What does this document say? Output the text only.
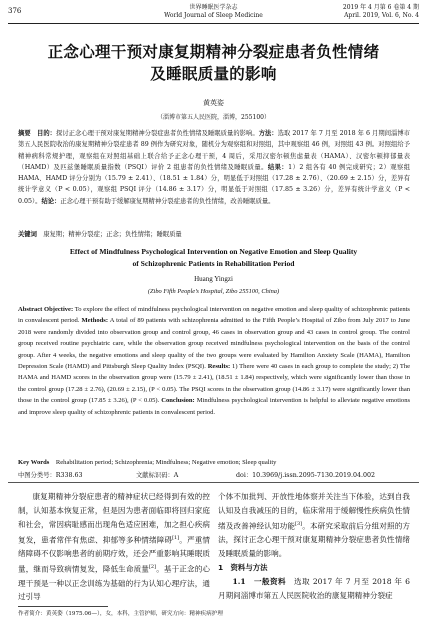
376	世界睡眠医学杂志
World Journal of Sleep Medicine
2019 年 4 月第 6 卷第 4 期
April. 2019, Vol. 6, No. 4
正念心理干预对康复期精神分裂症患者负性情绪
及睡眠质量的影响
黄英姿
（淄博市第五人民医院，淄博，255100）
摘要　 目的：探讨正念心理干预对康复期精神分裂症患者负性情绪及睡眠质量的影响。方法：选取 2017 年 7 月至 2018 年 6 月期间淄博市第五人民医院收治的康复期精神分裂症患者 89 例作为研究对象，随机分为观察组和对照组，其中观察组 46 例，对照组 43 例。对照组给予精神病科常规护理，观察组在对照组基础上联合给予正念心理干预，4 周后，采用汉密尔顿焦虑量表（HAMA）、汉密尔顿抑郁量表（HAMD）及匹兹堡睡眠质量指数（PSQI）评价 2 组患者的负性情绪及睡眠质量。结果：1）2 组各有 40 例完成研究；2）观察组 HAMA、HAMD 评分分别为（15.79 ± 2.41）、（18.51 ± 1.84）分，明显低于对照组（17.28 ± 2.76）、（20.69 ± 2.15）分，差异有统计学意义（P < 0.05），观察组 PSQI 评分（14.86 ± 3.17）分，明显低于对照组（17.85 ± 3.26）分，差异有统计学意义（P < 0.05）。结论：正念心理干预有助于缓解康复期精神分裂症患者的负性情绪，改善睡眠质量。
关键词　 康复期；精神分裂症；正念；负性情绪；睡眠质量
Effect of Mindfulness Psychological Intervention on Negative Emotion and Sleep Quality
of Schizophrenic Patients in Rehabilitation Period
Huang Yingzi
(Zibo Fifth People’s Hospital, Zibo 255100, China)
Abstract Objective: To explore the effect of mindfulness psychological intervention on negative emotion and sleep quality of schizophrenic patients in convalescent period. Methods: A total of 89 patients with schizophrenia admitted to the Fifth People’s Hospital of Zibo from July 2017 to June 2018 were randomly divided into observation group and control group, 46 cases in observation group and 43 cases in control group. The control group received routine psychiatric care, while the observation group received mindfulness psychological intervention on the basis of the control group. After 4 weeks, the negative emotions and sleep quality of the two groups were evaluated by Hamilton Anxiety Scale (HAMA), Hamilton Depression Scale (HAMD) and Pittsburgh Sleep Quality Index (PSQI). Results: 1) There were 40 cases in each group to complete the study; 2) The HAMA and HAMD scores in the observation group were (15.79 ± 2.41), (18.51 ± 1.84) respectively, which were significantly lower than those in the control group (17.28 ± 2.76), (20.69 ± 2.15), (P < 0.05). The PSQI scores in the observation group (14.86 ± 3.17) were significantly lower than those in the control group (17.85 ± 3.26), (P < 0.05). Conclusion: Mindfulness psychological intervention is helpful to alleviate negative emotions and improve sleep quality of schizophrenic patients in convalescent period.
Key Words　 Rehabilitation period; Schizophrenia; Mindfulness; Negative emotion; Sleep quality
中图分类号：R338.63	文献标识码：A	doi：10.3969/j.issn.2095-7130.2019.04.002
康复期精神分裂症患者的精神症状已经得到有效的控制，认知基本恢复正常，但是因为患者面临即将回归家庭和社会，常因病耻感而出现角色适应困难，加之担心疾病复发，患者常伴有焦虑、抑郁等多种情绪障碍[1]。严重情绪障碍不仅影响患者的前期疗效，还会严重影响其睡眠质量，继而导致病情复发，降低生命质量[2]。基于正念的心理干预是一种以正念训练为基础的行为认知心理疗法，通过引导
个体不加批判、开放性地体察并关注当下体验，达到自我认知及自我减压的目的，临床常用于缓解慢性疾病负性情绪及改善神经认知功能[3]。本研究采取前后分组对照的方法，探讨正念心理干预对康复期精神分裂症患者负性情绪及睡眠质量的影响。
1　资料与方法
1.1　一般资料　 选取 2017 年 7 月至 2018 年 6 月期间淄博市第五人民医院收治的康复期精神分裂症
作者简介：黄英姿（1975.06—），女，本科，主管护师，研究方向：精神疾病护理
